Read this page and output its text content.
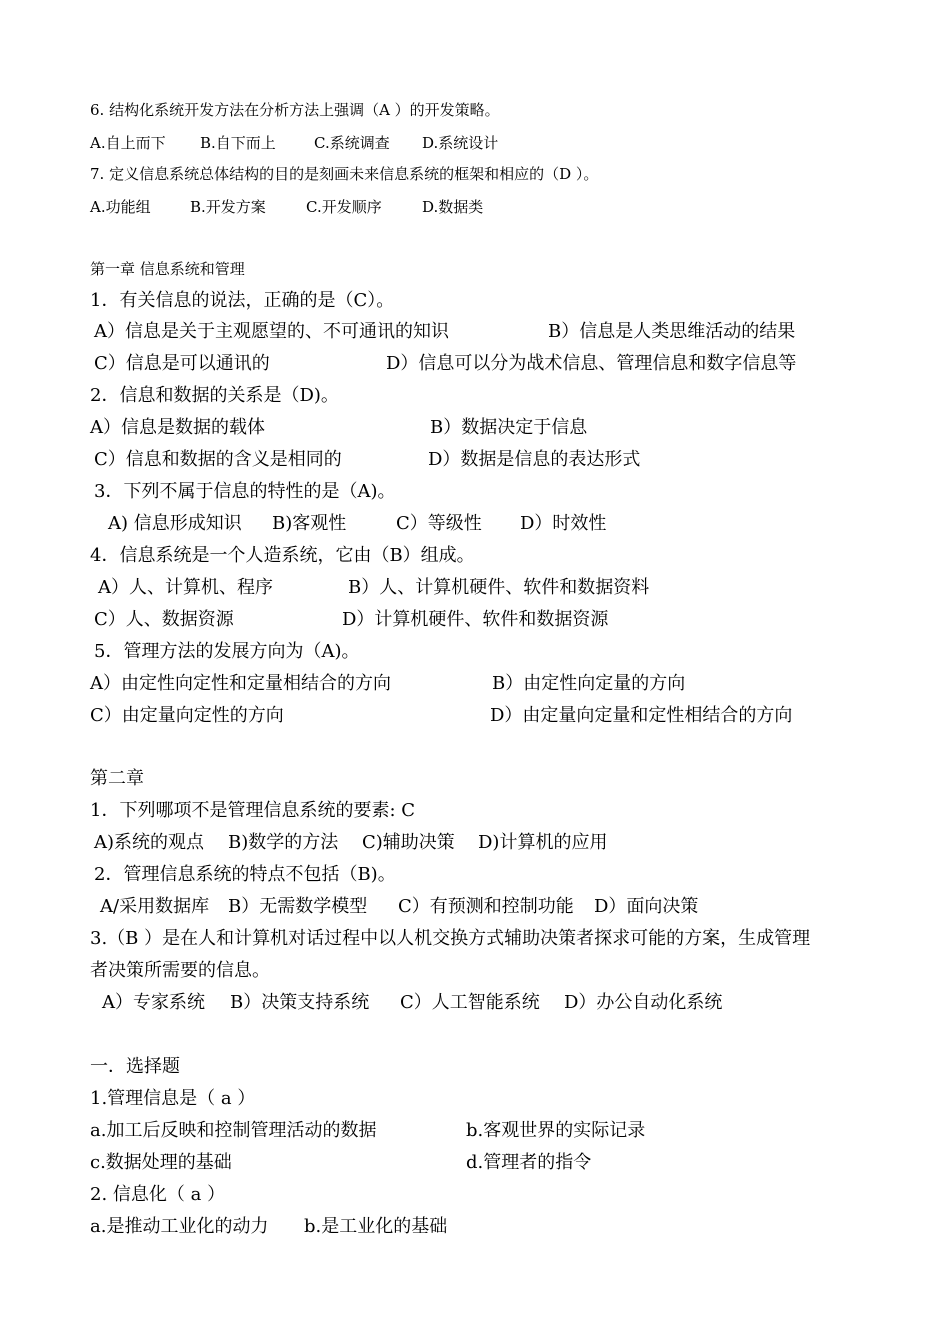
6. 结构化系统开发方法在分析方法上强调（A ）的开发策略。
A.自上而下 B.自下而上	C.系统调查 D.系统设计
7. 定义信息系统总体结构的目的是刻画未来信息系统的框架和相应的（D ）。
A.功能组	B.开发方案	C.开发顺序	D.数据类
第一章 信息系统和管理
1．有关信息的说法，正确的是（C）。
A）信息是关于主观愿望的、不可通讯的知识	B）信息是人类思维活动的结果
C）信息是可以通讯的	D）信息可以分为战术信息、管理信息和数字信息等
2．信息和数据的关系是（D)。
A）信息是数据的载体	B）数据决定于信息
C）信息和数据的含义是相同的	D）数据是信息的表达形式
3．下列不属于信息的特性的是（A)。
A) 信息形成知识 B)客观性	C）等级性 D）时效性
4．信息系统是一个人造系统，它由（B）组成。
A）人、计算机、程序	B）人、计算机硬件、软件和数据资料
C）人、数据资源	D）计算机硬件、软件和数据资源
5．管理方法的发展方向为（A)。
A）由定性向定性和定量相结合的方向	B）由定性向定量的方向
C）由定量向定性的方向	D）由定量向定量和定性相结合的方向
第二章
1．下列哪项不是管理信息系统的要素: C
A)系统的观点 B)数学的方法 C)辅助决策 D)计算机的应用
2．管理信息系统的特点不包括（B)。
A/采用数据库 B）无需数学模型 C）有预测和控制功能 D）面向决策
3.（B ）是在人和计算机对话过程中以人机交换方式辅助决策者探求可能的方案，生成管理
者决策所需要的信息。
A）专家系统 B）决策支持系统 C）人工智能系统 D）办公自动化系统
一．选择题
1.管理信息是（ a ）
a.加工后反映和控制管理活动的数据	b.客观世界的实际记录
c.数据处理的基础	d.管理者的指令
2. 信息化（ a ）
a.是推动工业化的动力 b.是工业化的基础
